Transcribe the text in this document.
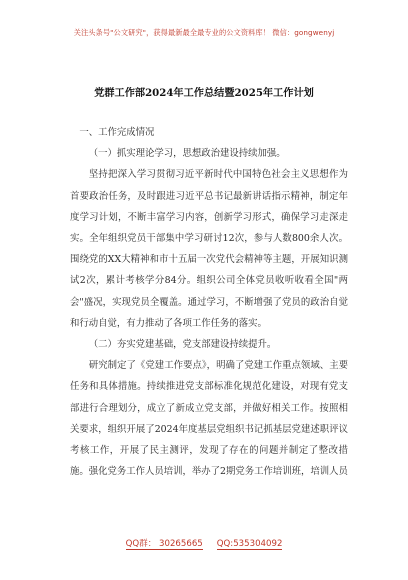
关注头条号"公文研究"，获得最新最全最专业的公文资料库！ 微信：gongwenyj
党群工作部2024年工作总结暨2025年工作计划

一、工作完成情况

（一）抓实理论学习，思想政治建设持续加强。

坚持把深入学习贯彻习近平新时代中国特色社会主义思想作为首要政治任务，及时跟进习近平总书记最新讲话指示精神，制定年度学习计划，不断丰富学习内容，创新学习形式，确保学习走深走实。全年组织党员干部集中学习研讨12次，参与人数800余人次。围绕党的XX大精神和市十五届一次党代会精神等主题，开展知识测试2次，累计考核学分84分。组织公司全体党员收听收看全国"两会"盛况，实现党员全覆盖。通过学习，不断增强了党员的政治自觉和行动自觉，有力推动了各项工作任务的落实。

（二）夯实党建基础，党支部建设持续提升。

研究制定了《党建工作要点》，明确了党建工作重点领域、主要任务和具体措施。持续推进党支部标准化规范化建设，对现有党支部进行合理划分，成立了新成立党支部，并做好相关工作。按照相关要求，组织开展了2024年度基层党组织书记抓基层党建述职评议考核工作，开展了民主测评，发现了存在的问题并制定了整改措施。强化党务工作人员培训，举办了2期党务工作培训班，培训人员

QQ群： 30265665 QQ:535304092
